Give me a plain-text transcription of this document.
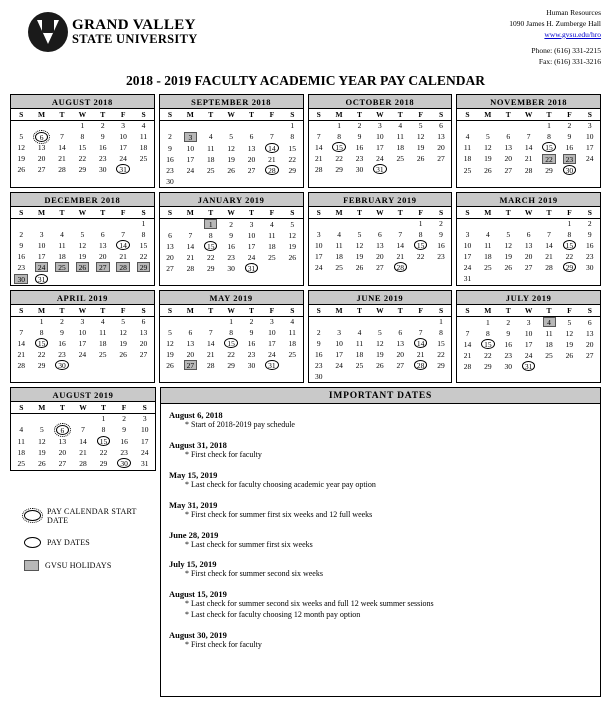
GRAND VALLEY
STATE UNIVERSITY
Human Resources
1090 James H. Zumberge Hall
www.gvsu.edu/hro
Phone: (616) 331-2215
Fax: (616) 331-3216
2018 - 2019 FACULTY ACADEMIC YEAR PAY CALENDAR
AUGUST 2018
S	M	T	W	T	F	S
			1	2	3	4
5	6	7	8	9	10	11
12	13	14	15	16	17	18
19	20	21	22	23	24	25
26	27	28	29	30	31	
SEPTEMBER 2018
S	M	T	W	T	F	S
						1
2	3	4	5	6	7	8
9	10	11	12	13	14	15
16	17	18	19	20	21	22
23	24	25	26	27	28	29
30						
OCTOBER 2018
S	M	T	W	T	F	S
	1	2	3	4	5	6
7	8	9	10	11	12	13
14	15	16	17	18	19	20
21	22	23	24	25	26	27
28	29	30	31			
NOVEMBER 2018
S	M	T	W	T	F	S
				1	2	3
4	5	6	7	8	9	10
11	12	13	14	15	16	17
18	19	20	21	22	23	24
25	26	27	28	29	30	
DECEMBER 2018
S	M	T	W	T	F	S
						1
2	3	4	5	6	7	8
9	10	11	12	13	14	15
16	17	18	19	20	21	22
23	24	25	26	27	28	29
30	31					
JANUARY 2019
S	M	T	W	T	F	S
		1	2	3	4	5
6	7	8	9	10	11	12
13	14	15	16	17	18	19
20	21	22	23	24	25	26
27	28	29	30	31		
FEBRUARY 2019
S	M	T	W	T	F	S
					1	2
3	4	5	6	7	8	9
10	11	12	13	14	15	16
17	18	19	20	21	22	23
24	25	26	27	28		
MARCH 2019
S	M	T	W	T	F	S
					1	2
3	4	5	6	7	8	9
10	11	12	13	14	15	16
17	18	19	20	21	22	23
24	25	26	27	28	29	30
31						
APRIL 2019
S	M	T	W	T	F	S
	1	2	3	4	5	6
7	8	9	10	11	12	13
14	15	16	17	18	19	20
21	22	23	24	25	26	27
28	29	30				
MAY 2019
S	M	T	W	T	F	S
			1	2	3	4
5	6	7	8	9	10	11
12	13	14	15	16	17	18
19	20	21	22	23	24	25
26	27	28	29	30	31	
JUNE 2019
S	M	T	W	T	F	S
						1
2	3	4	5	6	7	8
9	10	11	12	13	14	15
16	17	18	19	20	21	22
23	24	25	26	27	28	29
30						
JULY 2019
S	M	T	W	T	F	S
	1	2	3	4	5	6
7	8	9	10	11	12	13
14	15	16	17	18	19	20
21	22	23	24	25	26	27
28	29	30	31			
AUGUST 2019
S	M	T	W	T	F	S
				1	2	3
4	5	6	7	8	9	10
11	12	13	14	15	16	17
18	19	20	21	22	23	24
25	26	27	28	29	30	31
PAY CALENDAR START DATE
PAY DATES
GVSU HOLIDAYS
IMPORTANT DATES
August 6, 2018
* Start of 2018-2019 pay schedule
August 31, 2018
* First check for faculty
May 15, 2019
* Last check for faculty choosing academic year pay option
May 31, 2019
* First check for summer first six weeks and 12 full weeks
June 28, 2019
* Last check for summer first six weeks
July 15, 2019
* First check for summer second six weeks
August 15, 2019
* Last check for summer second six weeks and full 12 week summer sessions
* Last check for faculty choosing 12 month pay option
August 30, 2019
* First check for faculty
